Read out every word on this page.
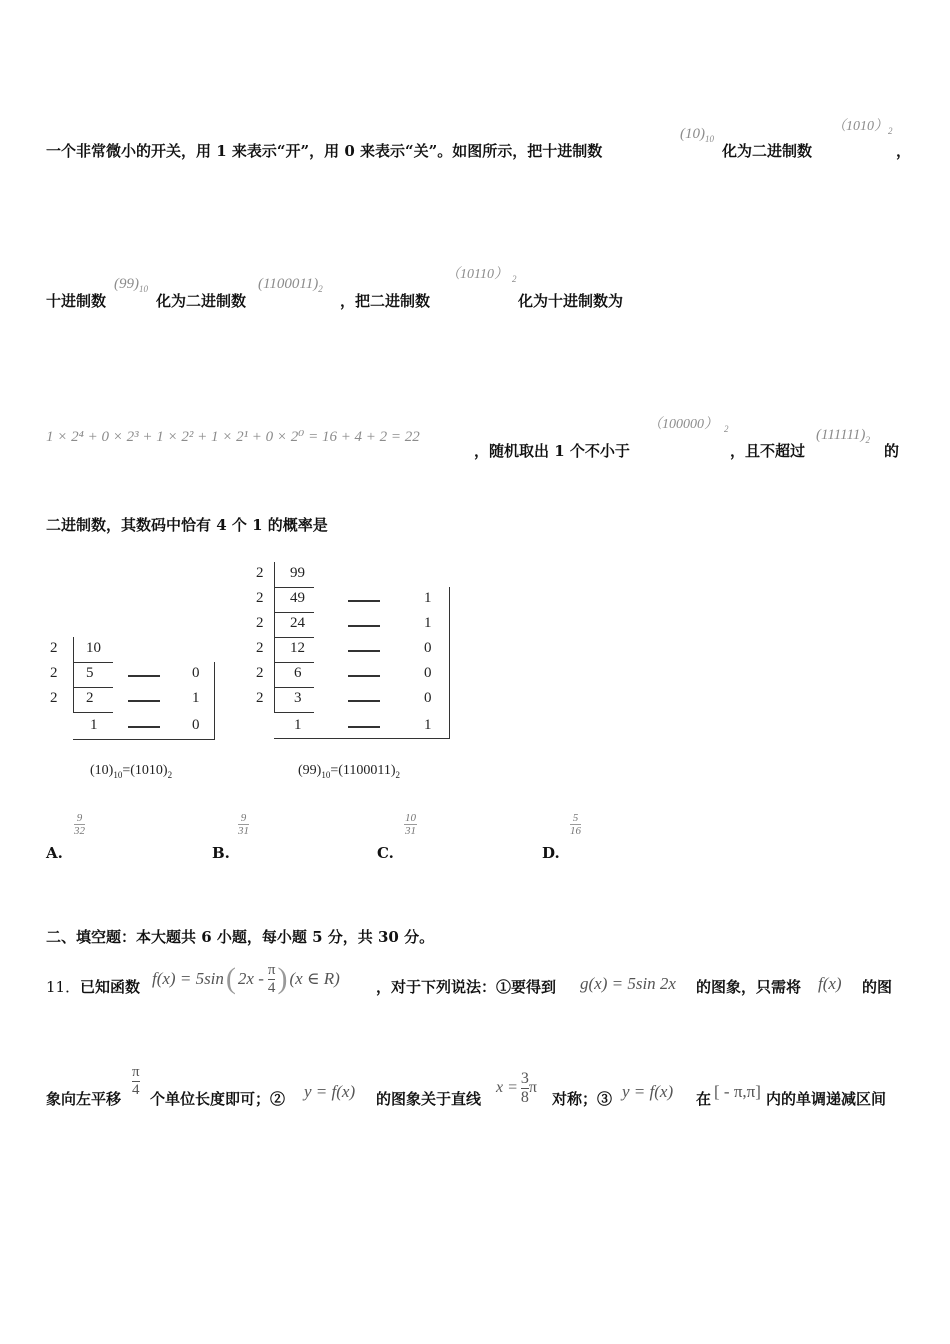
一个非常微小的开关，用 1 来表示“开”，用 0 来表示“关”。如图所示，把十进制数
$(10)_{10}$
化为二进制数
（1010） 2
，
十进制数
$(99)_{10}$
化为二进制数
$(1100011)_2$
，把二进制数
（10110） 2
化为十进制数为
1 × 2⁴ + 0 × 2³ + 1 × 2² + 1 × 2¹ + 0 × 2⁰ = 16 + 4 + 2 = 22
，随机取出 1 个不小于
（100000） 2
，且不超过
$(111111)_2$
的
二进制数，其数码中恰有 4 个 1 的概率是
2
2
2
10
5
2
1
0
1
0
$(10)_{10}=(1010)_2$
2
2
2
2
2
2
99
49
24
12
6
3
1
1
1
0
0
0
1
$(99)_{10}=(1100011)_2$
$\frac{9}{32}$
A.
$\frac{9}{31}$
B.
$\frac{10}{31}$
C.
$\frac{5}{16}$
D.
二、填空题：本大题共 6 小题，每小题 5 分，共 30 分。
11． 已知函数 f(x) = 5sin ( $2x - \frac{\pi}{4}$ ) (x ∈ R) ，对于下列说法：①要得到 g(x) = 5sin 2x 的图象，只需将 f(x) 的图
象向左平移
$\frac{\pi}{4}$
个单位长度即可；② y = f(x) 的图象关于直线
$x = \frac{3}{8}$ π
对称；③ y = f(x) 在 [ - π,π] 内的单调递减区间
